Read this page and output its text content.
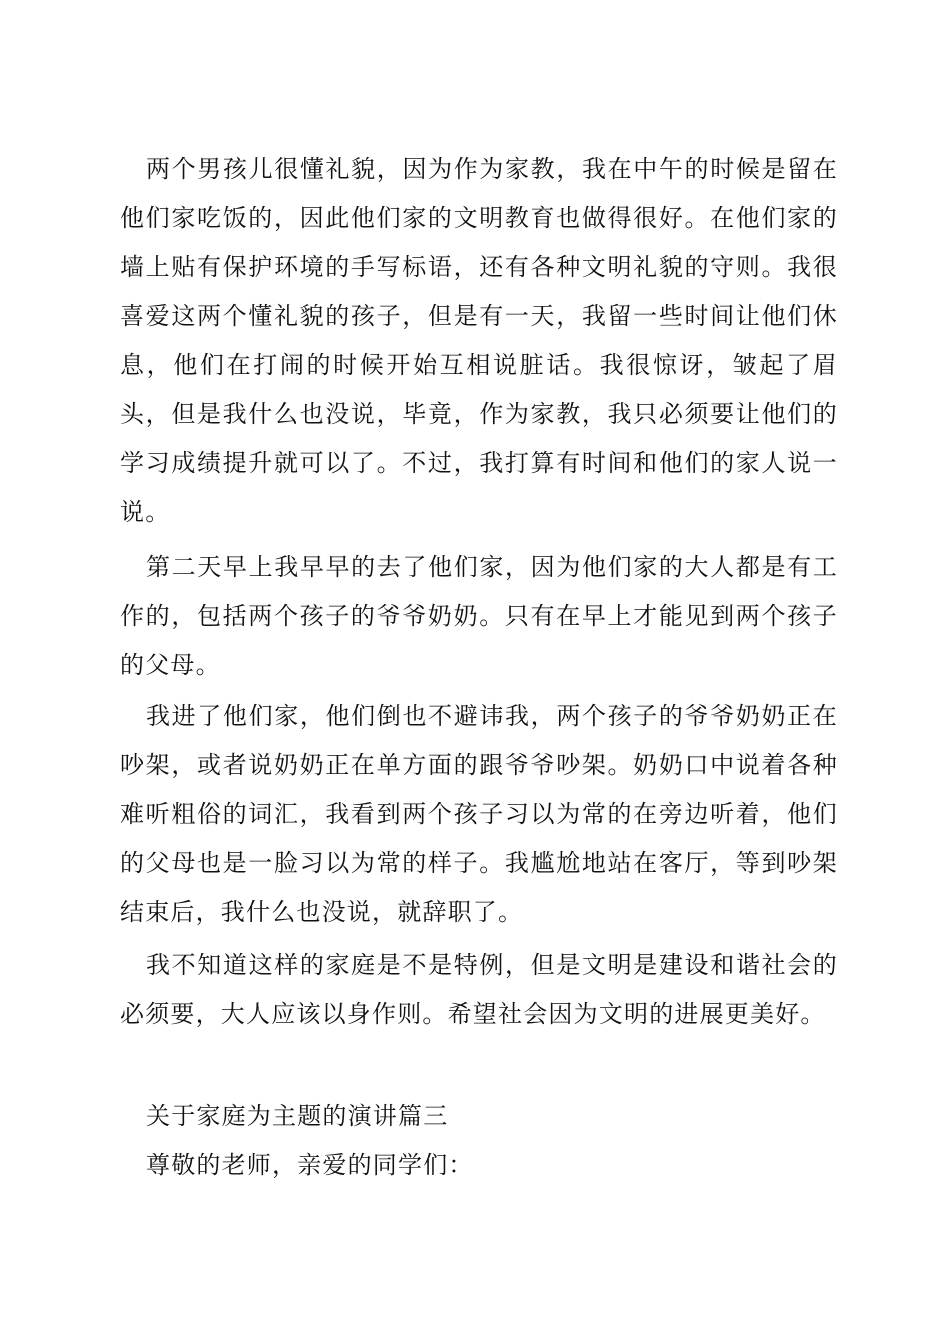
两个男孩儿很懂礼貌，因为作为家教，我在中午的时候是留在他们家吃饭的，因此他们家的文明教育也做得很好。在他们家的墙上贴有保护环境的手写标语，还有各种文明礼貌的守则。我很喜爱这两个懂礼貌的孩子，但是有一天，我留一些时间让他们休息，他们在打闹的时候开始互相说脏话。我很惊讶，皱起了眉头，但是我什么也没说，毕竟，作为家教，我只必须要让他们的学习成绩提升就可以了。不过，我打算有时间和他们的家人说一说。

第二天早上我早早的去了他们家，因为他们家的大人都是有工作的，包括两个孩子的爷爷奶奶。只有在早上才能见到两个孩子的父母。

我进了他们家，他们倒也不避讳我，两个孩子的爷爷奶奶正在吵架，或者说奶奶正在单方面的跟爷爷吵架。奶奶口中说着各种难听粗俗的词汇，我看到两个孩子习以为常的在旁边听着，他们的父母也是一脸习以为常的样子。我尴尬地站在客厅，等到吵架结束后，我什么也没说，就辞职了。

我不知道这样的家庭是不是特例，但是文明是建设和谐社会的必须要，大人应该以身作则。希望社会因为文明的进展更美好。

关于家庭为主题的演讲篇三

尊敬的老师，亲爱的同学们：
